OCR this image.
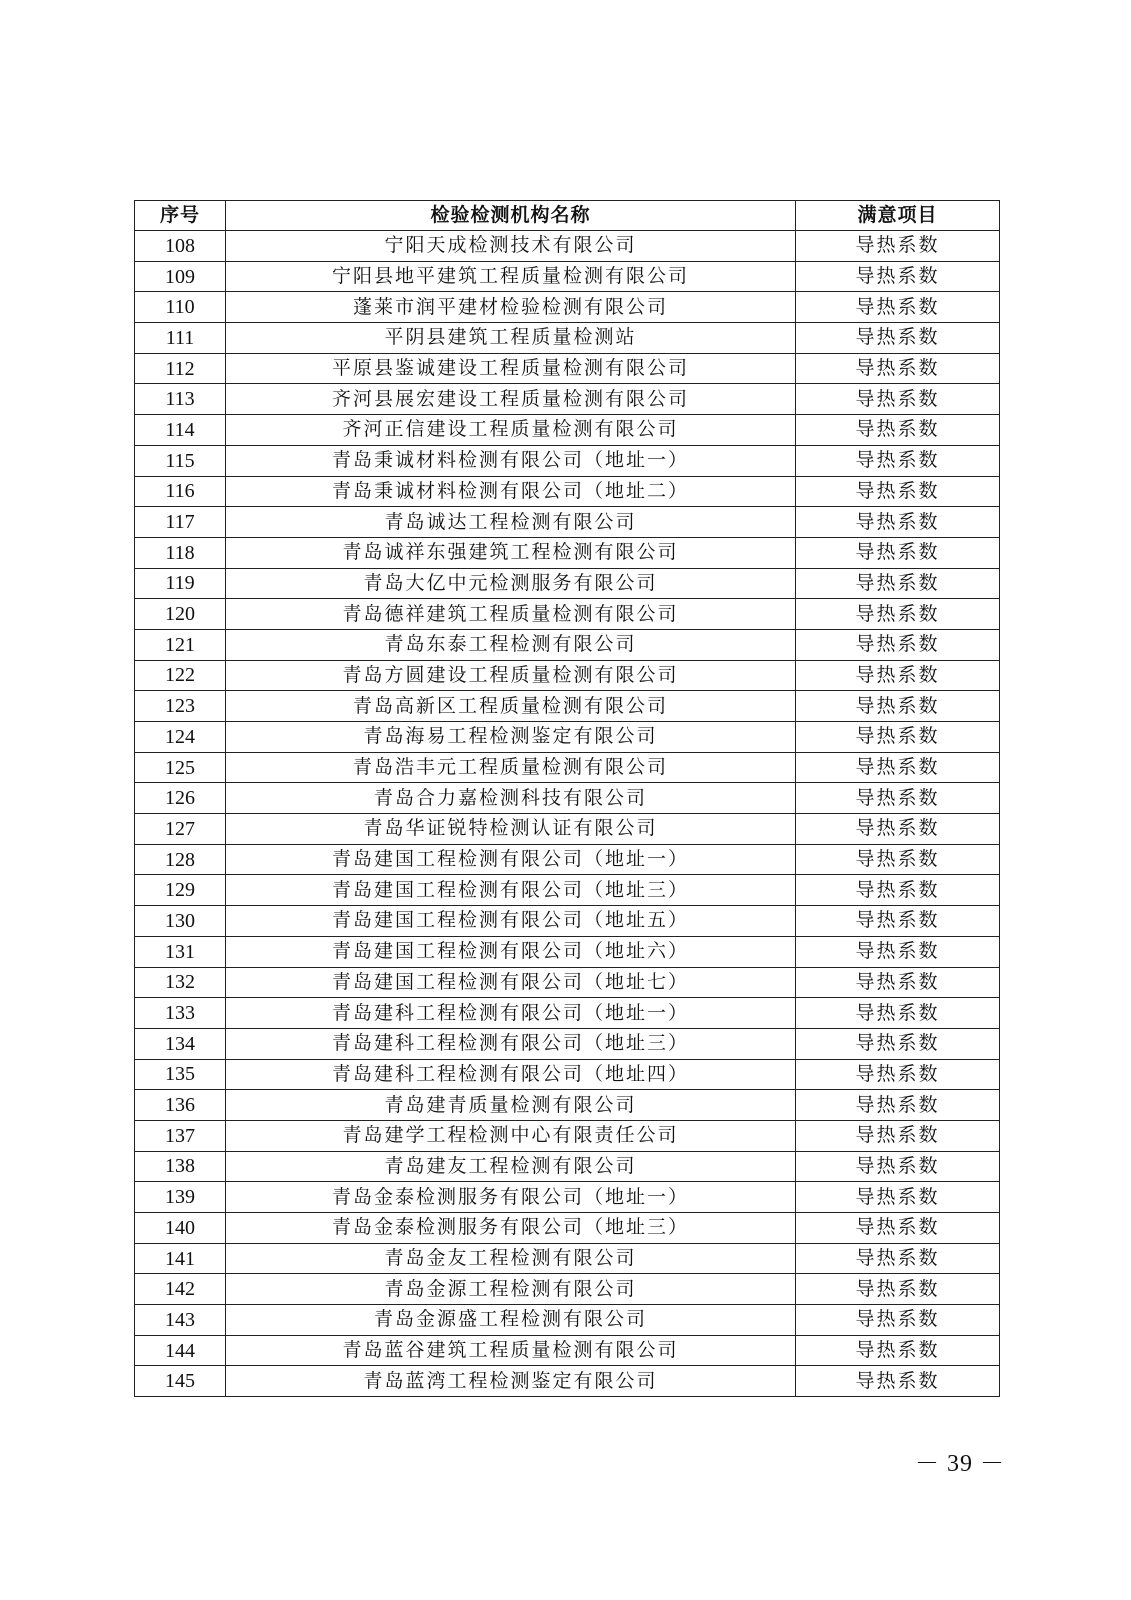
序号	检验检测机构名称	满意项目
108	宁阳天成检测技术有限公司	导热系数
109	宁阳县地平建筑工程质量检测有限公司	导热系数
110	蓬莱市润平建材检验检测有限公司	导热系数
111	平阴县建筑工程质量检测站	导热系数
112	平原县鉴诚建设工程质量检测有限公司	导热系数
113	齐河县展宏建设工程质量检测有限公司	导热系数
114	齐河正信建设工程质量检测有限公司	导热系数
115	青岛秉诚材料检测有限公司（地址一）	导热系数
116	青岛秉诚材料检测有限公司（地址二）	导热系数
117	青岛诚达工程检测有限公司	导热系数
118	青岛诚祥东强建筑工程检测有限公司	导热系数
119	青岛大亿中元检测服务有限公司	导热系数
120	青岛德祥建筑工程质量检测有限公司	导热系数
121	青岛东泰工程检测有限公司	导热系数
122	青岛方圆建设工程质量检测有限公司	导热系数
123	青岛高新区工程质量检测有限公司	导热系数
124	青岛海易工程检测鉴定有限公司	导热系数
125	青岛浩丰元工程质量检测有限公司	导热系数
126	青岛合力嘉检测科技有限公司	导热系数
127	青岛华证锐特检测认证有限公司	导热系数
128	青岛建国工程检测有限公司（地址一）	导热系数
129	青岛建国工程检测有限公司（地址三）	导热系数
130	青岛建国工程检测有限公司（地址五）	导热系数
131	青岛建国工程检测有限公司（地址六）	导热系数
132	青岛建国工程检测有限公司（地址七）	导热系数
133	青岛建科工程检测有限公司（地址一）	导热系数
134	青岛建科工程检测有限公司（地址三）	导热系数
135	青岛建科工程检测有限公司（地址四）	导热系数
136	青岛建青质量检测有限公司	导热系数
137	青岛建学工程检测中心有限责任公司	导热系数
138	青岛建友工程检测有限公司	导热系数
139	青岛金泰检测服务有限公司（地址一）	导热系数
140	青岛金泰检测服务有限公司（地址三）	导热系数
141	青岛金友工程检测有限公司	导热系数
142	青岛金源工程检测有限公司	导热系数
143	青岛金源盛工程检测有限公司	导热系数
144	青岛蓝谷建筑工程质量检测有限公司	导热系数
145	青岛蓝湾工程检测鉴定有限公司	导热系数
－ 39 －
